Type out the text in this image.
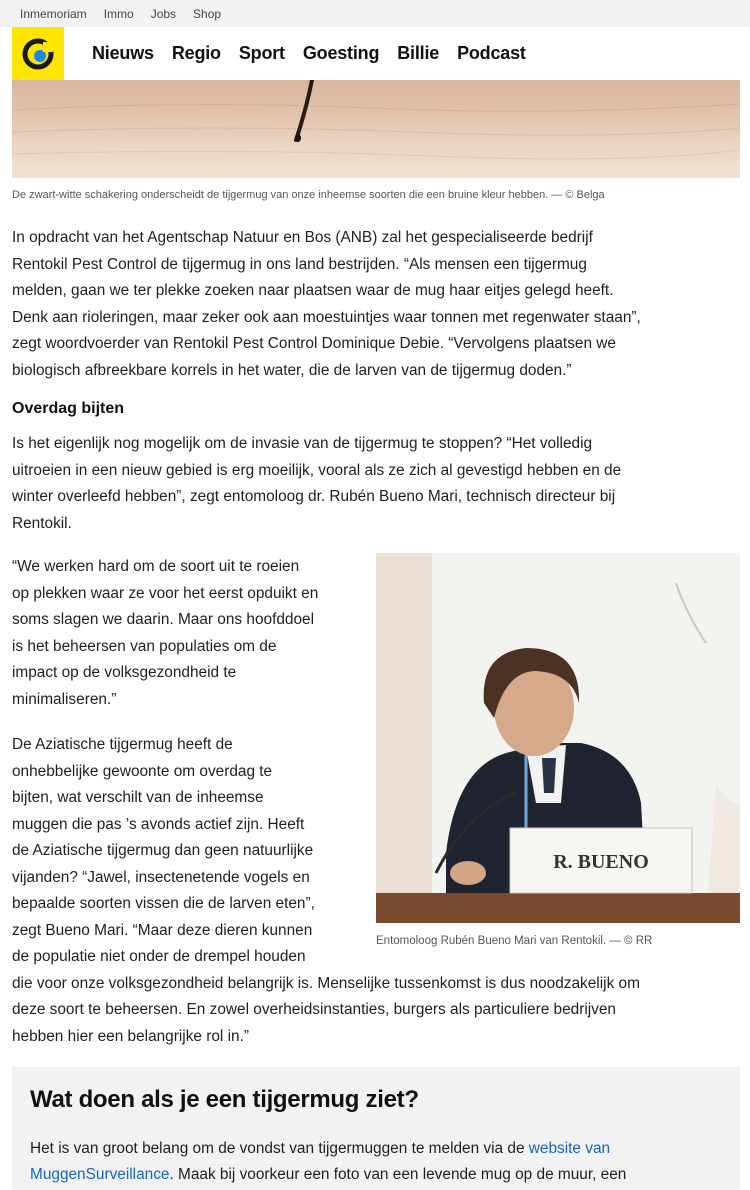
Inmemoriam Immo Jobs Shop
Nieuws Regio Sport Goesting Billie Podcast
De zwart-witte schakering onderscheidt de tijgermug van onze inheemse soorten die een bruine kleur hebben. — © Belga
In opdracht van het Agentschap Natuur en Bos (ANB) zal het gespecialiseerde bedrijf
Rentokil Pest Control de tijgermug in ons land bestrijden. “Als mensen een tijgermug
melden, gaan we ter plekke zoeken naar plaatsen waar de mug haar eitjes gelegd heeft.
Denk aan rioleringen, maar zeker ook aan moestuintjes waar tonnen met regenwater staan”,
zegt woordvoerder van Rentokil Pest Control Dominique Debie. “Vervolgens plaatsen we
biologisch afbreekbare korrels in het water, die de larven van de tijgermug doden.”
Overdag bijten
Is het eigenlijk nog mogelijk om de invasie van de tijgermug te stoppen? “Het volledig
uitroeien in een nieuw gebied is erg moeilijk, vooral als ze zich al gevestigd hebben en de
winter overleefd hebben”, zegt entomoloog dr. Rubén Bueno Mari, technisch directeur bij
Rentokil.
“We werken hard om de soort uit te roeien
op plekken waar ze voor het eerst opduikt en
soms slagen we daarin. Maar ons hoofddoel
is het beheersen van populaties om de
impact op de volksgezondheid te
minimaliseren.”
De Aziatische tijgermug heeft de
onhebbelijke gewoonte om overdag te
bijten, wat verschilt van de inheemse
muggen die pas ’s avonds actief zijn. Heeft
de Aziatische tijgermug dan geen natuurlijke
vijanden? “Jawel, insectenetende vogels en
bepaalde soorten vissen die de larven eten”,
zegt Bueno Mari. “Maar deze dieren kunnen
de populatie niet onder de drempel houden
die voor onze volksgezondheid belangrijk is. Menselijke tussenkomst is dus noodzakelijk om
deze soort te beheersen. En zowel overheidsinstanties, burgers als particuliere bedrijven
hebben hier een belangrijke rol in.”
R. BUENO
Entomoloog Rubén Bueno Mari van Rentokil. — © RR
Wat doen als je een tijgermug ziet?
Het is van groot belang om de vondst van tijgermuggen te melden via de website van
MuggenSurveillance. Maak bij voorkeur een foto van een levende mug op de muur, een
